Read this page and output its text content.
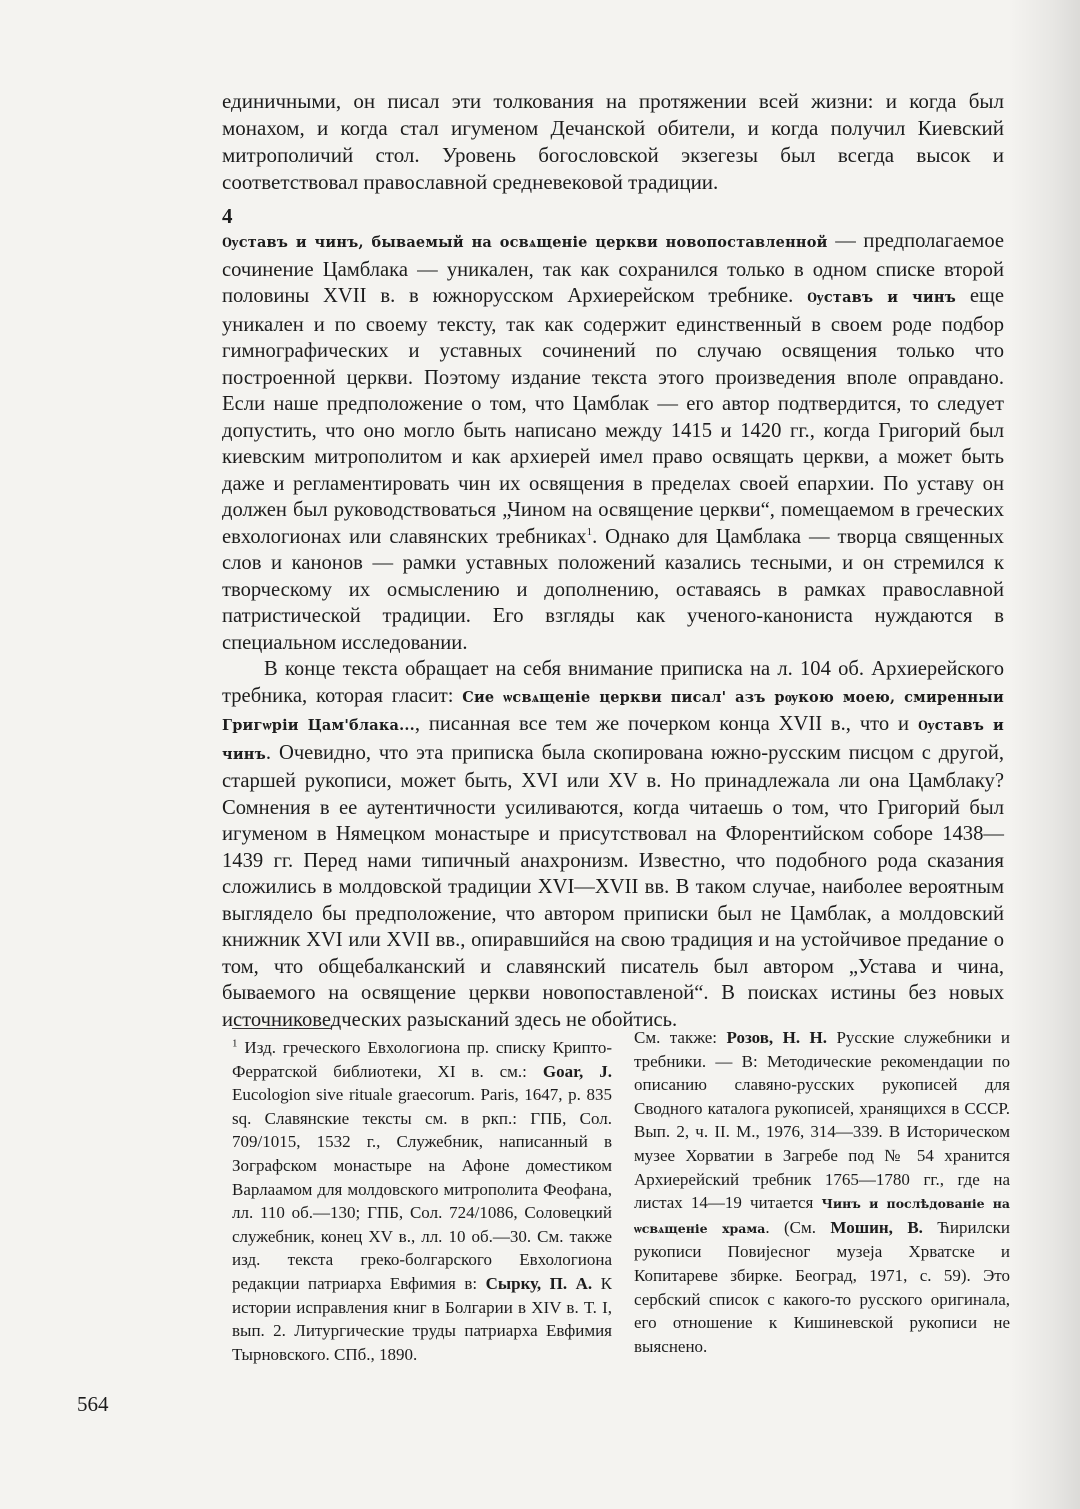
единичными, он писал эти толкования на протяжении всей жизни: и когда был монахом, и когда стал игуменом Дечанской обители, и когда получил Киевский митрополичий стол. Уровень богословской экзегезы был всегда высок и соответствовал православной средневековой традиции.

4

Ѹставъ и чинъ, бываемый на освѧщеніе церкви новопоставленной — предполагаемое сочинение Цамблака — уникален, так как сохранился только в одном списке второй половины XVII в. в южнорусском Архиерейском требнике. Ѹставъ и чинъ еще уникален и по своему тексту, так как содержит единственный в своем роде подбор гимнографических и уставных сочинений по случаю освящения только что построенной церкви. Поэтому издание текста этого произведения вполе оправдано. Если наше предположение о том, что Цамблак — его автор подтвердится, то следует допустить, что оно могло быть написано между 1415 и 1420 гг., когда Григорий был киевским митрополитом и как архиерей имел право освящать церкви, а может быть даже и регламентировать чин их освящения в пределах своей епархии. По уставу он должен был руководствоваться „Чином на освящение церкви“, помещаемом в греческих евхологионах или славянских требниках$^1$. Однако для Цамблака — творца священных слов и канонов — рамки уставных положений казались тесными, и он стремился к творческому их осмыслению и дополнению, оставаясь в рамках православной патристической традиции. Его взгляды как ученого-канониста нуждаются в специальном исследовании.

В конце текста обращает на себя внимание приписка на л. 104 об. Архиерейского требника, которая гласит: Сие ѡсвѧщеніе церкви писал' азъ рѹкою моею, смиренныи Григѡріи Цам'блака..., писанная все тем же почерком конца XVII в., что и Ѹставъ и чинъ. Очевидно, что эта приписка была скопирована южно-русским писцом с другой, старшей рукописи, может быть, XVI или XV в. Но принадлежала ли она Цамблаку? Сомнения в ее аутентичности усиливаются, когда читаешь о том, что Григорий был игуменом в Нямецком монастыре и присутствовал на Флорентийском соборе 1438—1439 гг. Перед нами типичный анахронизм. Известно, что подобного рода сказания сложились в молдовской традиции XVI—XVII вв. В таком случае, наиболее вероятным выглядело бы предположение, что автором приписки был не Цамблак, а молдовский книжник XVI или XVII вв., опиравшийся на свою традиция и на устойчивое предание о том, что общебалканский и славянский писатель был автором „Устава и чина, бываемого на освящение церкви новопоставленой“. В поисках истины без новых источниковедческих разысканий здесь не обойтись.

$^1$ Изд. греческого Евхологиона пр. списку Крипто-Ферратской библиотеки, XI в. см.: Goar, J. Eucologion sive rituale graecorum. Paris, 1647, p. 835 sq. Славянские тексты см. в ркп.: ГПБ, Сол. 709/1015, 1532 г., Служебник, написанный в Зографском монастыре на Афоне доместиком Варлаамом для молдовского митрополита Феофана, лл. 110 об.—130; ГПБ, Сол. 724/1086, Соловецкий служебник, конец XV в., лл. 10 об.—30. См. также изд. текста греко-болгарского Евхологиона редакции патриарха Евфимия в: Сырку, П. А. К истории исправления книг в Болгарии в XIV в. Т. I, вып. 2. Литургические труды патриарха Евфимия Тырновского. СПб., 1890.

См. также: Розов, Н. Н. Русские служебники и требники. — В: Методические рекомендации по описанию славяно-русских рукописей для Сводного каталога рукописей, хранящихся в СССР. Вып. 2, ч. II. М., 1976, 314—339. В Историческом музее Хорватии в Загребе под № 54 хранится Архиерейский требник 1765—1780 гг., где на листах 14—19 читается Чинъ и послѣдованіе на ѡсвѧщеніе храма. (См. Мошин, В. Ћирилски рукописи Повијесног музеја Хрватске и Копитареве збирке. Београд, 1971, с. 59). Это сербский список с какого-то русского оригинала, его отношение к Кишиневской рукописи не выяснено.

564
